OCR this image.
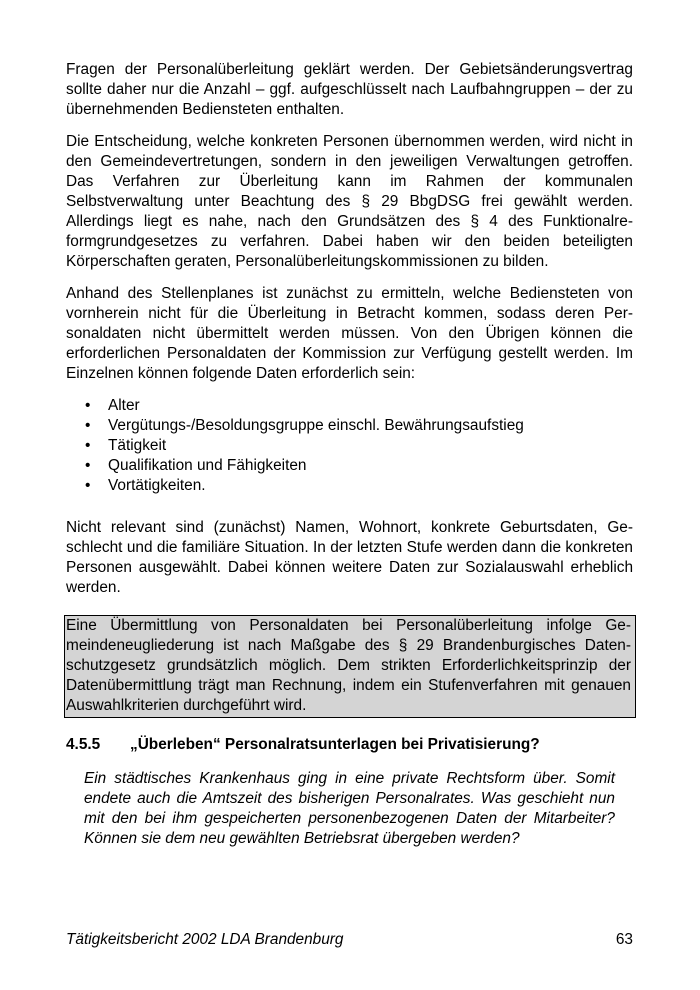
Fragen der Personalüberleitung geklärt werden. Der Gebietsänderungsvertrag sollte daher nur die Anzahl – ggf. aufgeschlüsselt nach Laufbahngruppen – der zu übernehmenden Bediensteten enthalten.

Die Entscheidung, welche konkreten Personen übernommen werden, wird nicht in den Gemeindevertretungen, sondern in den jeweiligen Verwaltungen getroffen. Das Verfahren zur Überleitung kann im Rahmen der kommunalen Selbstverwaltung unter Beachtung des § 29 BbgDSG frei gewählt werden. Allerdings liegt es nahe, nach den Grundsätzen des § 4 des Funktionalreformgrundgesetzes zu verfahren. Dabei haben wir den beiden beteiligten Körperschaften geraten, Personalüberleitungskommissionen zu bilden.

Anhand des Stellenplanes ist zunächst zu ermitteln, welche Bediensteten von vornherein nicht für die Überleitung in Betracht kommen, sodass deren Personaldaten nicht übermittelt werden müssen. Von den Übrigen können die erforderlichen Personaldaten der Kommission zur Verfügung gestellt werden. Im Einzelnen können folgende Daten erforderlich sein:

• Alter
• Vergütungs-/Besoldungsgruppe einschl. Bewährungsaufstieg
• Tätigkeit
• Qualifikation und Fähigkeiten
• Vortätigkeiten.

Nicht relevant sind (zunächst) Namen, Wohnort, konkrete Geburtsdaten, Geschlecht und die familiäre Situation. In der letzten Stufe werden dann die konkreten Personen ausgewählt. Dabei können weitere Daten zur Sozialauswahl erheblich werden.

Eine Übermittlung von Personaldaten bei Personalüberleitung infolge Gemeindeneugliederung ist nach Maßgabe des § 29 Brandenburgisches Datenschutzgesetz grundsätzlich möglich. Dem strikten Erforderlichkeitsprinzip der Datenübermittlung trägt man Rechnung, indem ein Stufenverfahren mit genauen Auswahlkriterien durchgeführt wird.

4.5.5	„Überleben“ Personalratsunterlagen bei Privatisierung?

Ein städtisches Krankenhaus ging in eine private Rechtsform über. Somit endete auch die Amtszeit des bisherigen Personalrates. Was geschieht nun mit den bei ihm gespeicherten personenbezogenen Daten der Mitarbeiter? Können sie dem neu gewählten Betriebsrat übergeben werden?

Tätigkeitsbericht 2002 LDA Brandenburg	63
